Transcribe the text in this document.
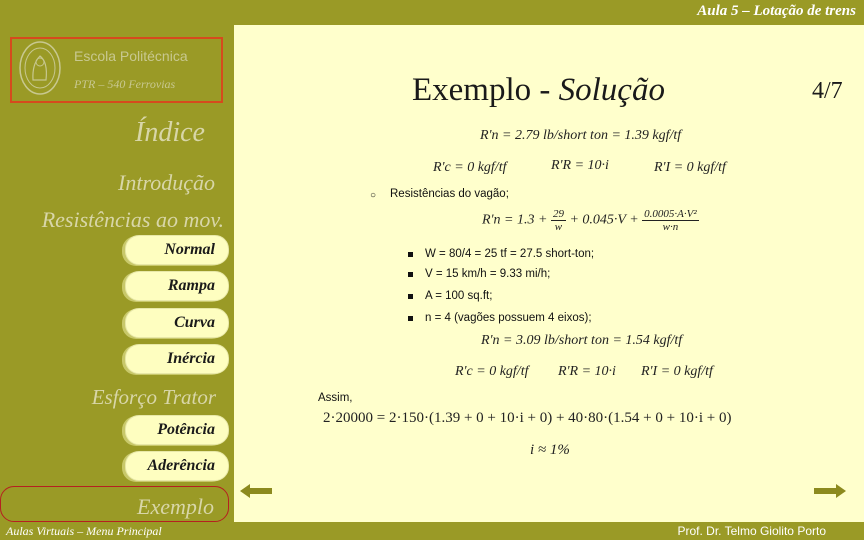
Aula 5 – Lotação de trens
Escola Politécnica
PTR – 540 Ferrovias
Índice
Introdução
Resistências ao mov.
Normal
Rampa
Curva
Inércia
Esforço Trator
Potência
Aderência
Exemplo
Exemplo - Solução	4/7
R'n = 2.79 lb/short ton = 1.39 kgf/tf
R'c = 0 kgf/tf	R'R = 10·i	R'I = 0 kgf/tf
○ Resistências do vagão;
$R'n = 1.3 + \frac{29}{w} + 0.045\cdot V + \frac{\text{0.0005·A·V²}}{w\cdot n}$
W = 80/4 = 25 tf = 27.5 short-ton;
V = 15 km/h = 9.33 mi/h;
A = 100 sq.ft;
n = 4 (vagões possuem 4 eixos);
R'n = 3.09 lb/short ton = 1.54 kgf/tf
R'c = 0 kgf/tf R'R = 10·i R'I = 0 kgf/tf
Assim,
2·20000 = 2·150·(1.39 + 0 + 10·i + 0) + 40·80·(1.54 + 0 + 10·i + 0)
i ≈ 1%
Aulas Virtuais – Menu Principal	Prof. Dr. Telmo Giolito Porto
